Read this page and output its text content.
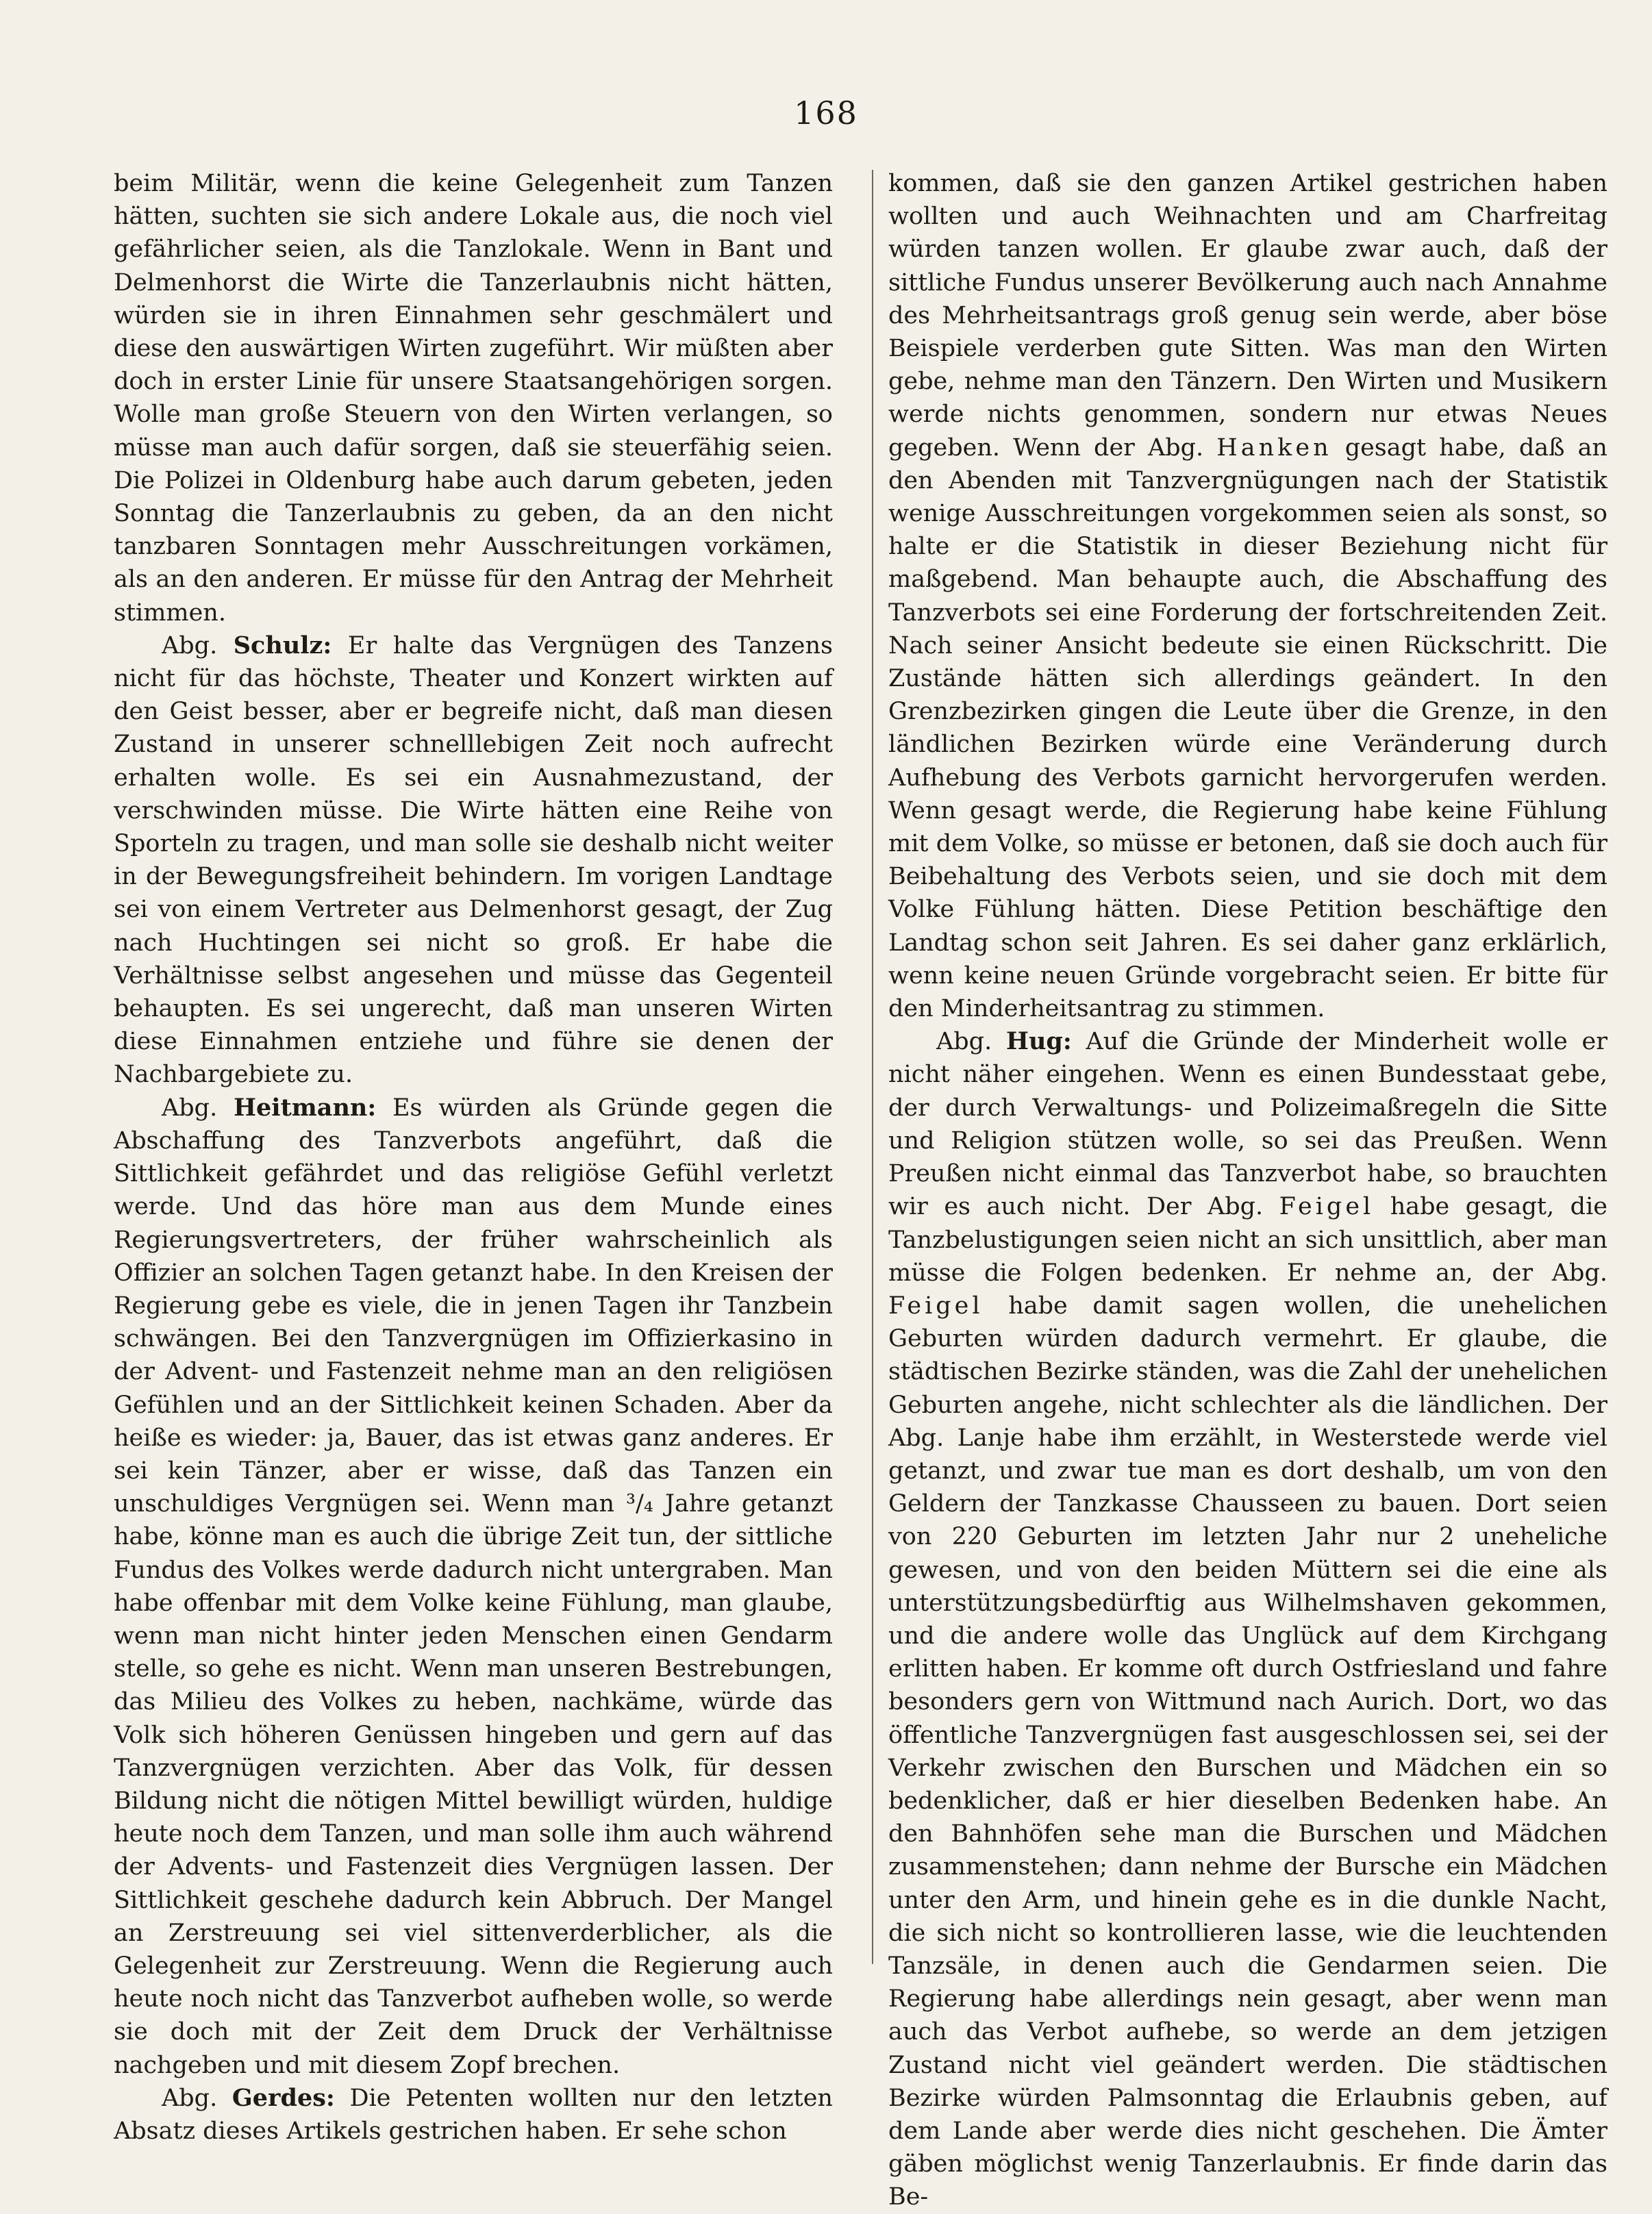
168

beim Militär, wenn die keine Gelegenheit zum Tanzen hätten, suchten sie sich andere Lokale aus, die noch viel gefährlicher seien, als die Tanzlokale. Wenn in Bant und Delmenhorst die Wirte die Tanzerlaubnis nicht hätten, würden sie in ihren Einnahmen sehr geschmälert und diese den auswärtigen Wirten zugeführt. Wir müßten aber doch in erster Linie für unsere Staatsangehörigen sorgen. Wolle man große Steuern von den Wirten verlangen, so müsse man auch dafür sorgen, daß sie steuerfähig seien. Die Polizei in Oldenburg habe auch darum gebeten, jeden Sonntag die Tanzerlaubnis zu geben, da an den nicht tanzbaren Sonntagen mehr Ausschreitungen vorkämen, als an den anderen. Er müsse für den Antrag der Mehrheit stimmen.

Abg. Schulz: Er halte das Vergnügen des Tanzens nicht für das höchste, Theater und Konzert wirkten auf den Geist besser, aber er begreife nicht, daß man diesen Zustand in unserer schnelllebigen Zeit noch aufrecht erhalten wolle. Es sei ein Ausnahmezustand, der verschwinden müsse. Die Wirte hätten eine Reihe von Sporteln zu tragen, und man solle sie deshalb nicht weiter in der Bewegungsfreiheit behindern. Im vorigen Landtage sei von einem Vertreter aus Delmenhorst gesagt, der Zug nach Huchtingen sei nicht so groß. Er habe die Verhältnisse selbst angesehen und müsse das Gegenteil behaupten. Es sei ungerecht, daß man unseren Wirten diese Einnahmen entziehe und führe sie denen der Nachbargebiete zu.

Abg. Heitmann: Es würden als Gründe gegen die Abschaffung des Tanzverbots angeführt, daß die Sittlichkeit gefährdet und das religiöse Gefühl verletzt werde. Und das höre man aus dem Munde eines Regierungsvertreters, der früher wahrscheinlich als Offizier an solchen Tagen getanzt habe. In den Kreisen der Regierung gebe es viele, die in jenen Tagen ihr Tanzbein schwängen. Bei den Tanzvergnügen im Offizierkasino in der Advent- und Fastenzeit nehme man an den religiösen Gefühlen und an der Sittlichkeit keinen Schaden. Aber da heiße es wieder: ja, Bauer, das ist etwas ganz anderes. Er sei kein Tänzer, aber er wisse, daß das Tanzen ein unschuldiges Vergnügen sei. Wenn man ³/₄ Jahre getanzt habe, könne man es auch die übrige Zeit tun, der sittliche Fundus des Volkes werde dadurch nicht untergraben. Man habe offenbar mit dem Volke keine Fühlung, man glaube, wenn man nicht hinter jeden Menschen einen Gendarm stelle, so gehe es nicht. Wenn man unseren Bestrebungen, das Milieu des Volkes zu heben, nachkäme, würde das Volk sich höheren Genüssen hingeben und gern auf das Tanzvergnügen verzichten. Aber das Volk, für dessen Bildung nicht die nötigen Mittel bewilligt würden, huldige heute noch dem Tanzen, und man solle ihm auch während der Advents- und Fastenzeit dies Vergnügen lassen. Der Sittlichkeit geschehe dadurch kein Abbruch. Der Mangel an Zerstreuung sei viel sittenverderblicher, als die Gelegenheit zur Zerstreuung. Wenn die Regierung auch heute noch nicht das Tanzverbot aufheben wolle, so werde sie doch mit der Zeit dem Druck der Verhältnisse nachgeben und mit diesem Zopf brechen.

Abg. Gerdes: Die Petenten wollten nur den letzten Absatz dieses Artikels gestrichen haben. Er sehe schon

kommen, daß sie den ganzen Artikel gestrichen haben wollten und auch Weihnachten und am Charfreitag würden tanzen wollen. Er glaube zwar auch, daß der sittliche Fundus unserer Bevölkerung auch nach Annahme des Mehrheitsantrags groß genug sein werde, aber böse Beispiele verderben gute Sitten. Was man den Wirten gebe, nehme man den Tänzern. Den Wirten und Musikern werde nichts genommen, sondern nur etwas Neues gegeben. Wenn der Abg. Hanken gesagt habe, daß an den Abenden mit Tanzvergnügungen nach der Statistik wenige Ausschreitungen vorgekommen seien als sonst, so halte er die Statistik in dieser Beziehung nicht für maßgebend. Man behaupte auch, die Abschaffung des Tanzverbots sei eine Forderung der fortschreitenden Zeit. Nach seiner Ansicht bedeute sie einen Rückschritt. Die Zustände hätten sich allerdings geändert. In den Grenzbezirken gingen die Leute über die Grenze, in den ländlichen Bezirken würde eine Veränderung durch Aufhebung des Verbots garnicht hervorgerufen werden. Wenn gesagt werde, die Regierung habe keine Fühlung mit dem Volke, so müsse er betonen, daß sie doch auch für Beibehaltung des Verbots seien, und sie doch mit dem Volke Fühlung hätten. Diese Petition beschäftige den Landtag schon seit Jahren. Es sei daher ganz erklärlich, wenn keine neuen Gründe vorgebracht seien. Er bitte für den Minderheitsantrag zu stimmen.

Abg. Hug: Auf die Gründe der Minderheit wolle er nicht näher eingehen. Wenn es einen Bundesstaat gebe, der durch Verwaltungs- und Polizeimaßregeln die Sitte und Religion stützen wolle, so sei das Preußen. Wenn Preußen nicht einmal das Tanzverbot habe, so brauchten wir es auch nicht. Der Abg. Feigel habe gesagt, die Tanzbelustigungen seien nicht an sich unsittlich, aber man müsse die Folgen bedenken. Er nehme an, der Abg. Feigel habe damit sagen wollen, die unehelichen Geburten würden dadurch vermehrt. Er glaube, die städtischen Bezirke ständen, was die Zahl der unehelichen Geburten angehe, nicht schlechter als die ländlichen. Der Abg. Lanje habe ihm erzählt, in Westerstede werde viel getanzt, und zwar tue man es dort deshalb, um von den Geldern der Tanzkasse Chausseen zu bauen. Dort seien von 220 Geburten im letzten Jahr nur 2 uneheliche gewesen, und von den beiden Müttern sei die eine als unterstützungsbedürftig aus Wilhelmshaven gekommen, und die andere wolle das Unglück auf dem Kirchgang erlitten haben. Er komme oft durch Ostfriesland und fahre besonders gern von Wittmund nach Aurich. Dort, wo das öffentliche Tanzvergnügen fast ausgeschlossen sei, sei der Verkehr zwischen den Burschen und Mädchen ein so bedenklicher, daß er hier dieselben Bedenken habe. An den Bahnhöfen sehe man die Burschen und Mädchen zusammenstehen; dann nehme der Bursche ein Mädchen unter den Arm, und hinein gehe es in die dunkle Nacht, die sich nicht so kontrollieren lasse, wie die leuchtenden Tanzsäle, in denen auch die Gendarmen seien. Die Regierung habe allerdings nein gesagt, aber wenn man auch das Verbot aufhebe, so werde an dem jetzigen Zustand nicht viel geändert werden. Die städtischen Bezirke würden Palmsonntag die Erlaubnis geben, auf dem Lande aber werde dies nicht geschehen. Die Ämter gäben möglichst wenig Tanzerlaubnis. Er finde darin das Be-
